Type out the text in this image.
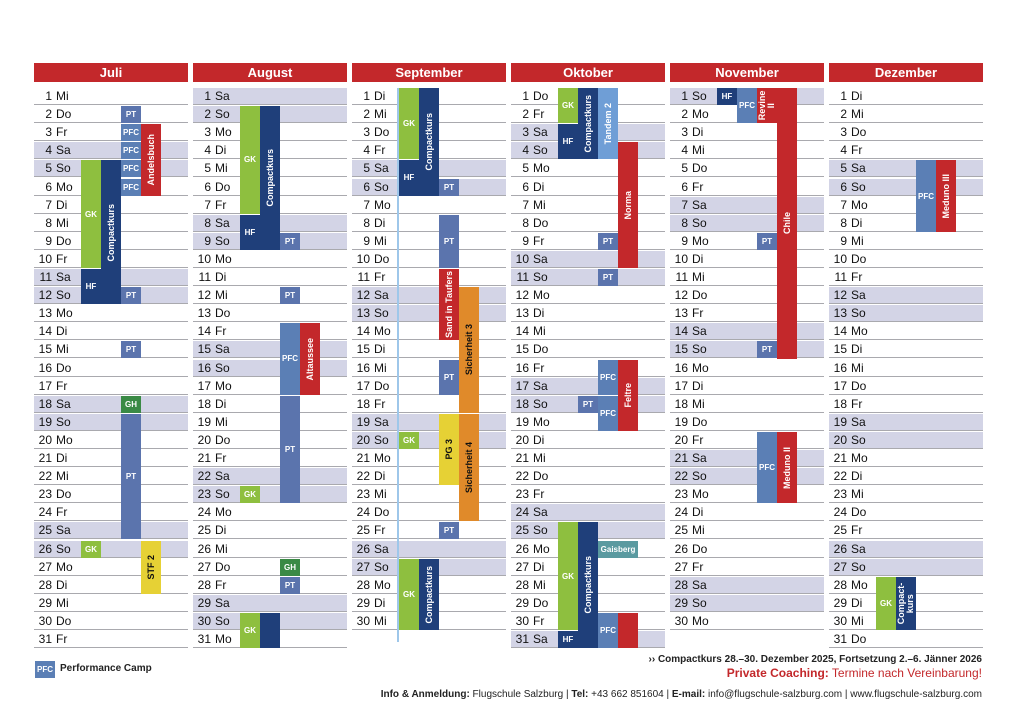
Juli
1 Mi
2 Do
3 Fr
4 Sa
5 So
6 Mo
7 Di
8 Mi
9 Do
10 Fr
11 Sa
12 So
13 Mo
14 Di
15 Mi
16 Do
17 Fr
18 Sa
19 So
20 Mo
21 Di
22 Mi
23 Do
24 Fr
25 Sa
26 So
27 Mo
28 Di
29 Mi
30 Do
31 Fr
August
1 Sa
2 So
3 Mo
4 Di
5 Mi
6 Do
7 Fr
8 Sa
9 So
10 Mo
11 Di
12 Mi
13 Do
14 Fr
15 Sa
16 So
17 Mo
18 Di
19 Mi
20 Do
21 Fr
22 Sa
23 So
24 Mo
25 Di
26 Mi
27 Do
28 Fr
29 Sa
30 So
31 Mo
September
1 Di
2 Mi
3 Do
4 Fr
5 Sa
6 So
7 Mo
8 Di
9 Mi
10 Do
11 Fr
12 Sa
13 So
14 Mo
15 Di
16 Mi
17 Do
18 Fr
19 Sa
20 So
21 Mo
22 Di
23 Mi
24 Do
25 Fr
26 Sa
27 So
28 Mo
29 Di
30 Mi
Oktober
1 Do
2 Fr
3 Sa
4 So
5 Mo
6 Di
7 Mi
8 Do
9 Fr
10 Sa
11 So
12 Mo
13 Di
14 Mi
15 Do
16 Fr
17 Sa
18 So
19 Mo
20 Di
21 Mi
22 Do
23 Fr
24 Sa
25 So
26 Mo
27 Di
28 Mi
29 Do
30 Fr
31 Sa
November
1 So
2 Mo
3 Di
4 Mi
5 Do
6 Fr
7 Sa
8 So
9 Mo
10 Di
11 Mi
12 Do
13 Fr
14 Sa
15 So
16 Mo
17 Di
18 Mi
19 Do
20 Fr
21 Sa
22 So
23 Mo
24 Di
25 Mi
26 Do
27 Fr
28 Sa
29 So
30 Mo
Dezember
1 Di
2 Mi
3 Do
4 Fr
5 Sa
6 So
7 Mo
8 Di
9 Mi
10 Do
11 Fr
12 Sa
13 So
14 Mo
15 Di
16 Mi
17 Do
18 Fr
19 Sa
20 So
21 Mo
22 Di
23 Mi
24 Do
25 Fr
26 Sa
27 So
28 Mo
29 Di
30 Mi
31 Do
PT
PFC
PFC
PFC
PFC
Andelsbuch
GK
HF
Compactkurs
PT
PT
GH
PT
GK
STF 2
GK
HF
Compactkurs
PT
PT
PFC Altaussee
PT
GK
GH
PT
GK
GK
HF
Compactkurs
PT
PT
Sand in Taufers
Sicherheit 3
PT
PG 3 Sicherheit 4
GK
PT
GK Compactkurs
GK
HF Compactkurs Tandem 2
Norma
PT
PT
PFC
PT
PFC
Feltre
GK
HF
Compactkurs
Gaisberg
PFC
HF
PFC Revine II
Chile
PT
PT
PFC Meduno II
PFC Meduno III
GK Compact-kurs
PFC Performance Camp
›› Compactkurs 28.–30. Dezember 2025, Fortsetzung 2.–6. Jänner 2026
Private Coaching: Termine nach Vereinbarung!
Info & Anmeldung: Flugschule Salzburg | Tel: +43 662 851604 | E-mail: info@flugschule-salzburg.com | www.flugschule-salzburg.com
